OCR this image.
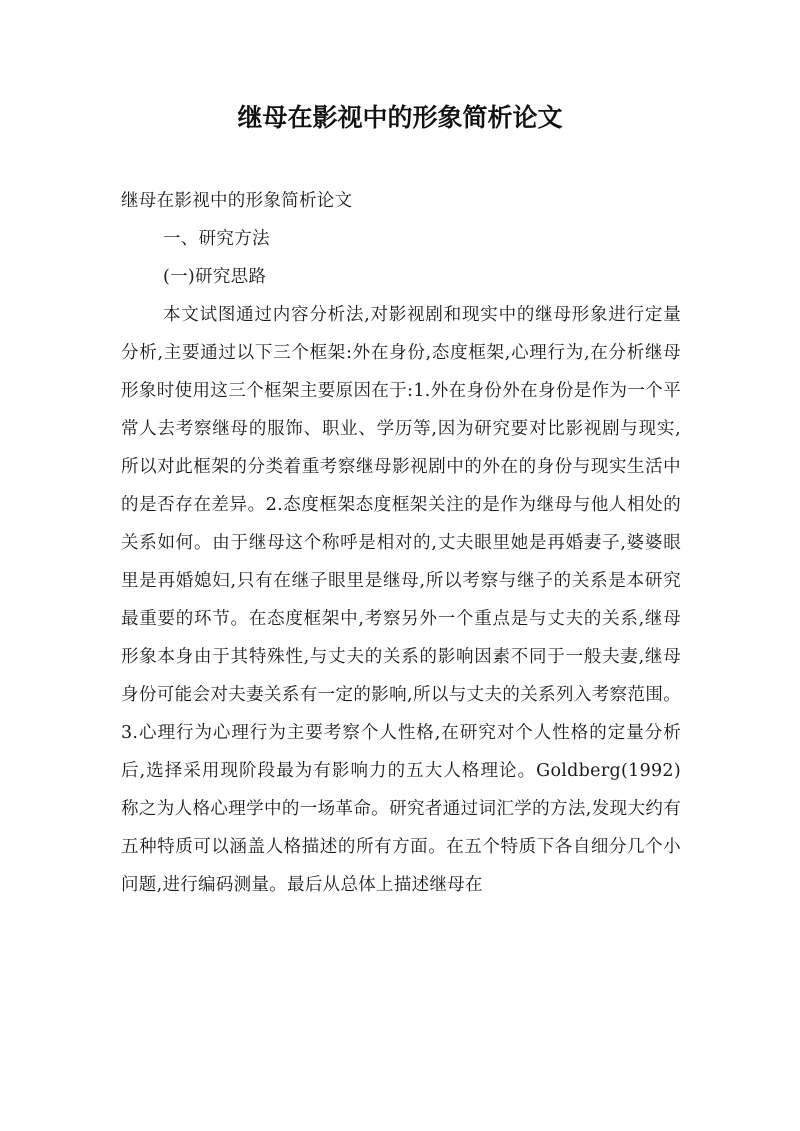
继母在影视中的形象简析论文

继母在影视中的形象简析论文

一、研究方法

(一)研究思路

本文试图通过内容分析法,对影视剧和现实中的继母形象进行定量分析,主要通过以下三个框架:外在身份,态度框架,心理行为,在分析继母形象时使用这三个框架主要原因在于:1.外在身份外在身份是作为一个平常人去考察继母的服饰、职业、学历等,因为研究要对比影视剧与现实,所以对此框架的分类着重考察继母影视剧中的外在的身份与现实生活中的是否存在差异。2.态度框架态度框架关注的是作为继母与他人相处的关系如何。由于继母这个称呼是相对的,丈夫眼里她是再婚妻子,婆婆眼里是再婚媳妇,只有在继子眼里是继母,所以考察与继子的关系是本研究最重要的环节。在态度框架中,考察另外一个重点是与丈夫的关系,继母形象本身由于其特殊性,与丈夫的关系的影响因素不同于一般夫妻,继母身份可能会对夫妻关系有一定的影响,所以与丈夫的关系列入考察范围。3.心理行为心理行为主要考察个人性格,在研究对个人性格的定量分析后,选择采用现阶段最为有影响力的五大人格理论。Goldberg(1992)称之为人格心理学中的一场革命。研究者通过词汇学的方法,发现大约有五种特质可以涵盖人格描述的所有方面。在五个特质下各自细分几个小问题,进行编码测量。最后从总体上描述继母在
